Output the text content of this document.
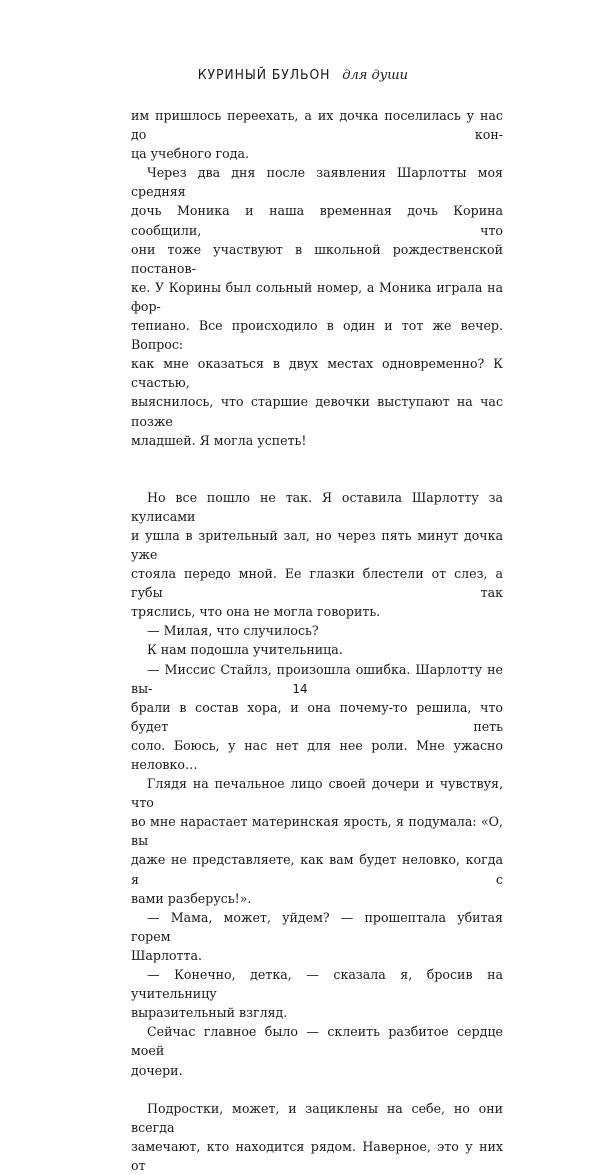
КУРИНЫЙ БУЛЬОН для души

им пришлось переехать, а их дочка поселилась у нас до кон-

ца учебного года.

Через два дня после заявления Шарлотты моя средняя

дочь Моника и наша временная дочь Корина сообщили, что

они тоже участвуют в школьной рождественской постанов-

ке. У Корины был сольный номер, а Моника играла на фор-

тепиано. Все происходило в один и тот же вечер. Вопрос:

как мне оказаться в двух местах одновременно? К счастью,

выяснилось, что старшие девочки выступают на час позже

младшей. Я могла успеть!

Но все пошло не так. Я оставила Шарлотту за кулисами

и ушла в зрительный зал, но через пять минут дочка уже

стояла передо мной. Ее глазки блестели от слез, а губы так

тряслись, что она не могла говорить.

— Милая, что случилось?

К нам подошла учительница.

— Миссис Стайлз, произошла ошибка. Шарлотту не вы-

брали в состав хора, и она почему-то решила, что будет петь

соло. Боюсь, у нас нет для нее роли. Мне ужасно неловко…

Глядя на печальное лицо своей дочери и чувствуя, что

во мне нарастает материнская ярость, я подумала: «О, вы

даже не представляете, как вам будет неловко, когда я с

вами разберусь!».

— Мама, может, уйдем? — прошептала убитая горем

Шарлотта.

— Конечно, детка, — сказала я, бросив на учительницу

выразительный взгляд.

Сейчас главное было — склеить разбитое сердце моей

дочери.

Подростки, может, и зациклены на себе, но они всегда

замечают, кто находится рядом. Наверное, это у них от

14
